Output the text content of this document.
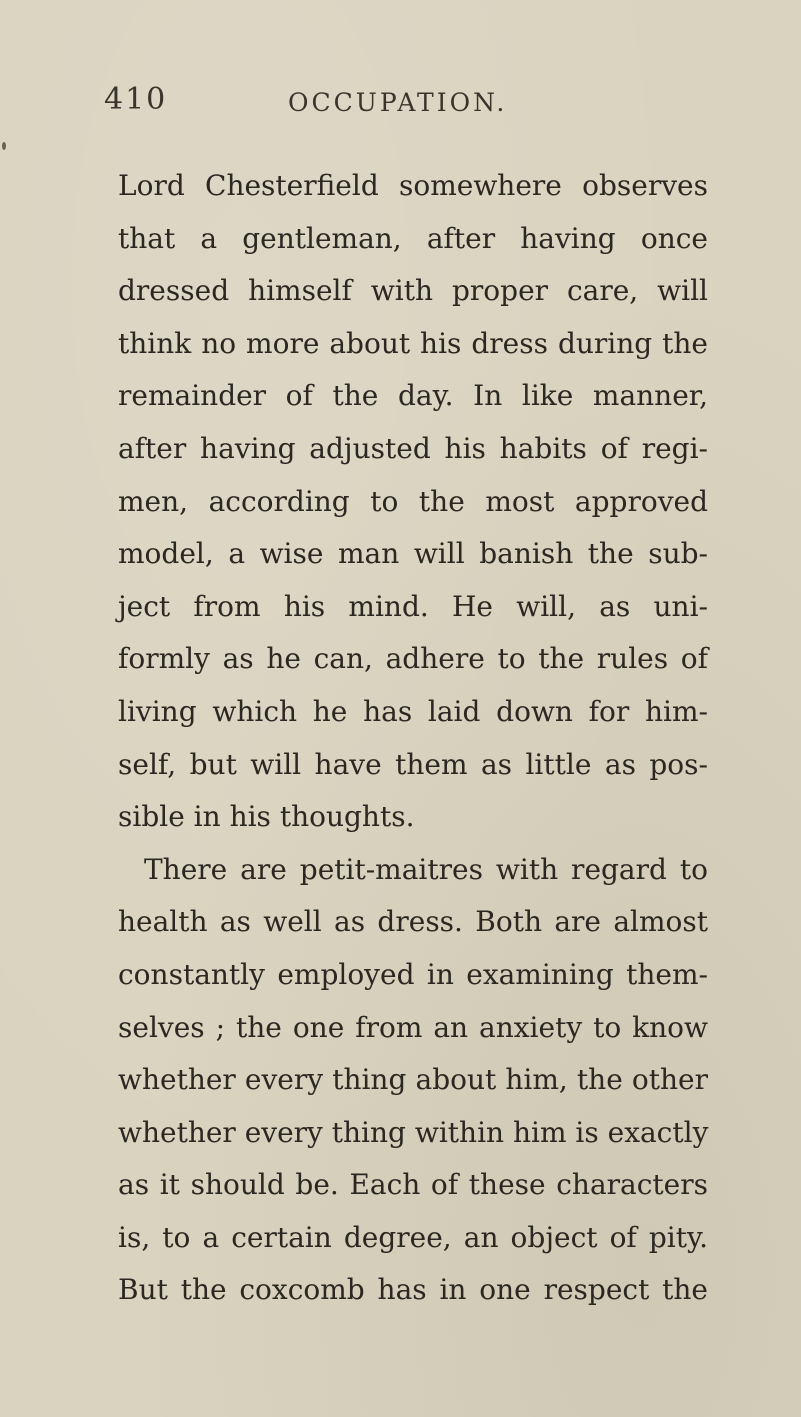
410	OCCUPATION.
Lord Chesterfield somewhere observes
that a gentleman, after having once
dressed himself with proper care, will
think no more about his dress during the
remainder of the day. In like manner,
after having adjusted his habits of regi-
men, according to the most approved
model, a wise man will banish the sub-
ject from his mind. He will, as uni-
formly as he can, adhere to the rules of
living which he has laid down for him-
self, but will have them as little as pos-
sible in his thoughts.
There are petit-maitres with regard to
health as well as dress. Both are almost
constantly employed in examining them-
selves ; the one from an anxiety to know
whether every thing about him, the other
whether every thing within him is exactly
as it should be. Each of these characters
is, to a certain degree, an object of pity.
But the coxcomb has in one respect the
